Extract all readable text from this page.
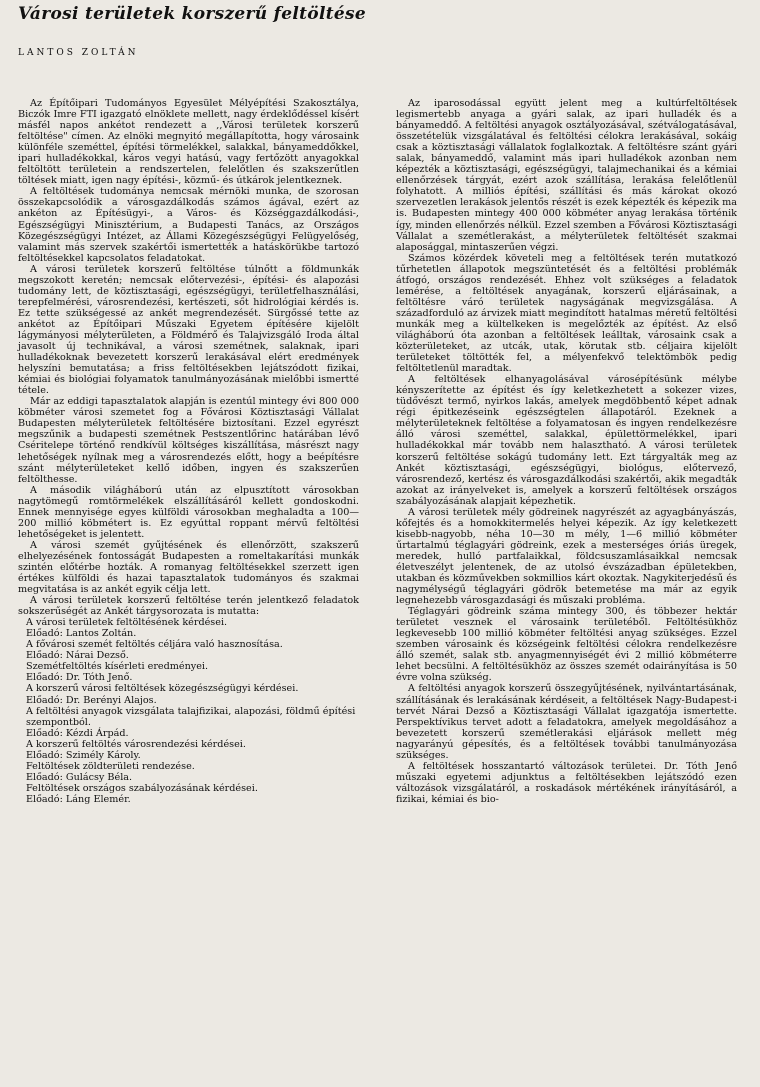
Városi területek korszerű feltöltése
LANTOS ZOLTÁN

Az Építőipari Tudományos Egyesület Mélyépítési Szakosztálya, Biczók Imre FTI igazgató elnöklete mellett, nagy érdeklődéssel kísért másfél napos ankétot rendezett a ,,Városi területek korszerű feltöltése" címen. Az elnöki megnyitó megállapította, hogy városaink különféle szeméttel, építési törmelékkel, salakkal, bányameddőkkel, ipari hulladékokkal, káros vegyi hatású, vagy fertőzött anyagokkal feltöltött területein a rendszertelen, felelőtlen és szakszerűtlen töltések miatt, igen nagy építési-, közmű- és útkárok jelentkeznek.

A feltöltések tudománya nemcsak mérnöki munka, de szorosan összekapcsolódik a városgazdálkodás számos ágával, ezért az ankéton az Építésügyi-, a Város- és Községgazdálkodási-, Egészségügyi Minisztérium, a Budapesti Tanács, az Országos Közegészségügyi Intézet, az Állami Közegészségügyi Felügyelőség, valamint más szervek szakértői ismertették a hatáskörükbe tartozó feltöltésekkel kapcsolatos feladatokat.

A városi területek korszerű feltöltése túlnőtt a földmunkák megszokott keretén; nemcsak előtervezési-, építési- és alapozási tudomány lett, de köztisztasági, egészségügyi, területfelhasználási, terepfelmérési, városrendezési, kertészeti, sőt hidrológiai kérdés is. Ez tette szükségessé az ankét megrendezését. Sürgőssé tette az ankétot az Építőipari Műszaki Egyetem építésére kijelölt lágymányosi mélyterületen, a Földmérő és Talajvizsgáló Iroda által javasolt új technikával, a városi szemétnek, salaknak, ipari hulladékoknak bevezetett korszerű lerakásával elért eredmények helyszíni bemutatása; a friss feltöltésekben lejátszódott fizikai, kémiai és biológiai folyamatok tanulmányozásának mielőbbi ismertté tétele.

Már az eddigi tapasztalatok alapján is ezentúl mintegy évi 800 000 köbméter városi szemetet fog a Fővárosi Köztisztasági Vállalat Budapesten mélyterületek feltöltésére biztosítani. Ezzel egyrészt megszűnik a budapesti szemétnek Pestszentlőrinc határában lévő Csériteleре történő rendkívül költséges kiszállítása, másrészt nagy lehetőségek nyílnak meg a városrendezés előtt, hogy a beépítésre szánt mélyterületeket kellő időben, ingyen és szakszerűen feltölthesse.

A második világháború után az elpusztított városokban nagytömegű romtörmelékek elszállításáról kellett gondoskodni. Ennek mennyisége egyes külföldi városokban meghaladta a 100—200 millió köbmétert is. Ez egyúttal roppant mérvű feltöltési lehetőségeket is jelentett.

A városi szemét gyűjtésének és ellenőrzött, szakszerű elhelyezésének fontosságát Budapesten a romeltakarítási munkák szintén előtérbe hozták. A romanyag feltöltésekkel szerzett igen értékes külföldi és hazai tapasztalatok tudományos és szakmai megvitatása is az ankét egyik célja lett.

A városi területek korszerű feltöltése terén jelentkező feladatok sokszerűségét az Ankét tárgysorozata is mutatta:

A városi területek feltöltésének kérdései.

Előadó: Lantos Zoltán.

A fővárosi szemét feltöltés céljára való hasznosítása.

Előadó: Nárai Dezső.

Szemétfeltöltés kísérleti eredményei.

Előadó: Dr. Tóth Jenő.

A korszerű városi feltöltések közegészségügyi kérdései.

Előadó: Dr. Berényi Alajos.

A feltöltési anyagok vizsgálata talajfizikai, alapozási, földmű építési szempontból.

Előadó: Kézdi Árpád.

A korszerű feltöltés városrendezési kérdései.

Előadó: Szimély Károly.

Feltöltések zöldterületi rendezése.

Előadó: Gulácsy Béla.

Feltöltések országos szabályozásának kérdései.

Előadó: Láng Elemér.

Az iparosodással együtt jelent meg a kultúrfeltöltések legismertebb anyaga a gyári salak, az ipari hulladék és a bányameddő. A feltöltési anyagok osztályozásával, szétválogatásával, összetételük vizsgálatával és feltöltési célokra lerakásával, sokáig csak a köztisztasági vállalatok foglalkoztak. A feltöltésre szánt gyári salak, bányameddő, valamint más ipari hulladékok azonban nem képezték a köztisztasági, egészségügyi, talajmechanikai és a kémiai ellenőrzések tárgyát, ezért azok szállítása, lerakása felelőtlenül folyhatott. A milliós építési, szállítási és más károkat okozó szervezetlen lerakások jelentős részét is ezek képezték és képezik ma is. Budapesten mintegy 400 000 köbméter anyag lerakása történik így, minden ellenőrzés nélkül. Ezzel szemben a Fővárosi Köztisztasági Vállalat a szemétlerakást, a mélyterületek feltöltését szakmai alaposággal, mintaszerűen végzi.

Számos közérdek követeli meg a feltöltések terén mutatkozó tűrhetetlen állapotok megszüntetését és a feltöltési problémák átfogó, országos rendezését. Ehhez volt szükséges a feladatok lemérése, a feltöltések anyagának, korszerű eljárásainak, a feltöltésre váró területek nagyságának megvizsgálása. A századforduló az árvizek miatt megindított hatalmas méretű feltöltési munkák meg a kültelkeken is megelőzték az építést. Az első világháború óta azonban a feltöltések leálltak, városaink csak a közterületeket, az utcák, utak, körutak stb. céljaira kijelölt területeket töltötték fel, a mélyenfekvő telektömbök pedig feltöltetlenül maradtak.

A feltöltések elhanyagolásával városépítésünk mélybe kényszerítette az építést és így keletkezhetett a sokezer vizes, tüdővészt termő, nyirkos lakás, amelyek megdöbbentő képet adnak régi épitkezéseink egészségtelen állapotáról. Ezeknek a mélyterületeknek feltöltése a folyamatosan és ingyen rendelkezésre álló városi szeméttel, salakkal, épülettörmelékkel, ipari hulladékokkal már tovább nem halasztható. A városi területek korszerű feltöltése sokágú tudomány lett. Ezt tárgyalták meg az Ankét köztisztasági, egészségügyi, biológus, előtervező, városrendező, kertész és városgazdálkodási szakértői, akik megadták azokat az irányelveket is, amelyek a korszerű feltöltések országos szabályozásának alapjait képezhetik.

A városi területek mély gödreinek nagyrészét az agyagbányászás, kőfejtés és a homokkitermelés helyei képezik. Az így keletkezett kisebb-nagyobb, néha 10—30 m mély, 1—6 millió köbméter űrtartalmú téglagyári gödreink, ezek a mesterséges óriás üregek, meredek, hulló partfalaikkal, földcsuszamlásaikkal nemcsak életveszélyt jelentenek, de az utolsó évszázadban épületekben, utakban és közművekben sokmillios kárt okoztak. Nagykiterjedésű és nagymélységű téglagyári gödrök betemetése ma már az egyik legnehezebb városgazdasági és műszaki probléma.

Téglagyári gödreink száma mintegy 300, és többezer hektár területet vesznek el városaink területéből. Feltöltésükhöz legkevesebb 100 millió köbméter feltöltési anyag szükséges. Ezzel szemben városaink és községeink feltöltési célokra rendelkezésre álló szemét, salak stb. anyagmennyiségét évi 2 millió köbméterre lehet becsülni. A feltöltésükhöz az összes szemét odairányítása is 50 évre volna szükség.

A feltöltési anyagok korszerű összegyűjtésének, nyilvántartásának, szállításának és lerakásának kérdéseit, a feltöltések Nagy-Budapest-i tervét Nárai Dezső a Köztisztasági Vállalat igazgatója ismertette. Perspektívikus tervet adott a feladatokra, amelyek megoldásához a bevezetett korszerű szemétlerakási eljárások mellett még nagyarányú gépesítés, és a feltöltések további tanulmányozása szükséges.

A feltöltések hosszantartó változások területei. Dr. Tóth Jenő műszaki egyetemi adjunktus a feltöltésekben lejátszódó ezen változások vizsgálatáról, a roskadások mértékének irányításáról, a fizikai, kémiai és bio-
